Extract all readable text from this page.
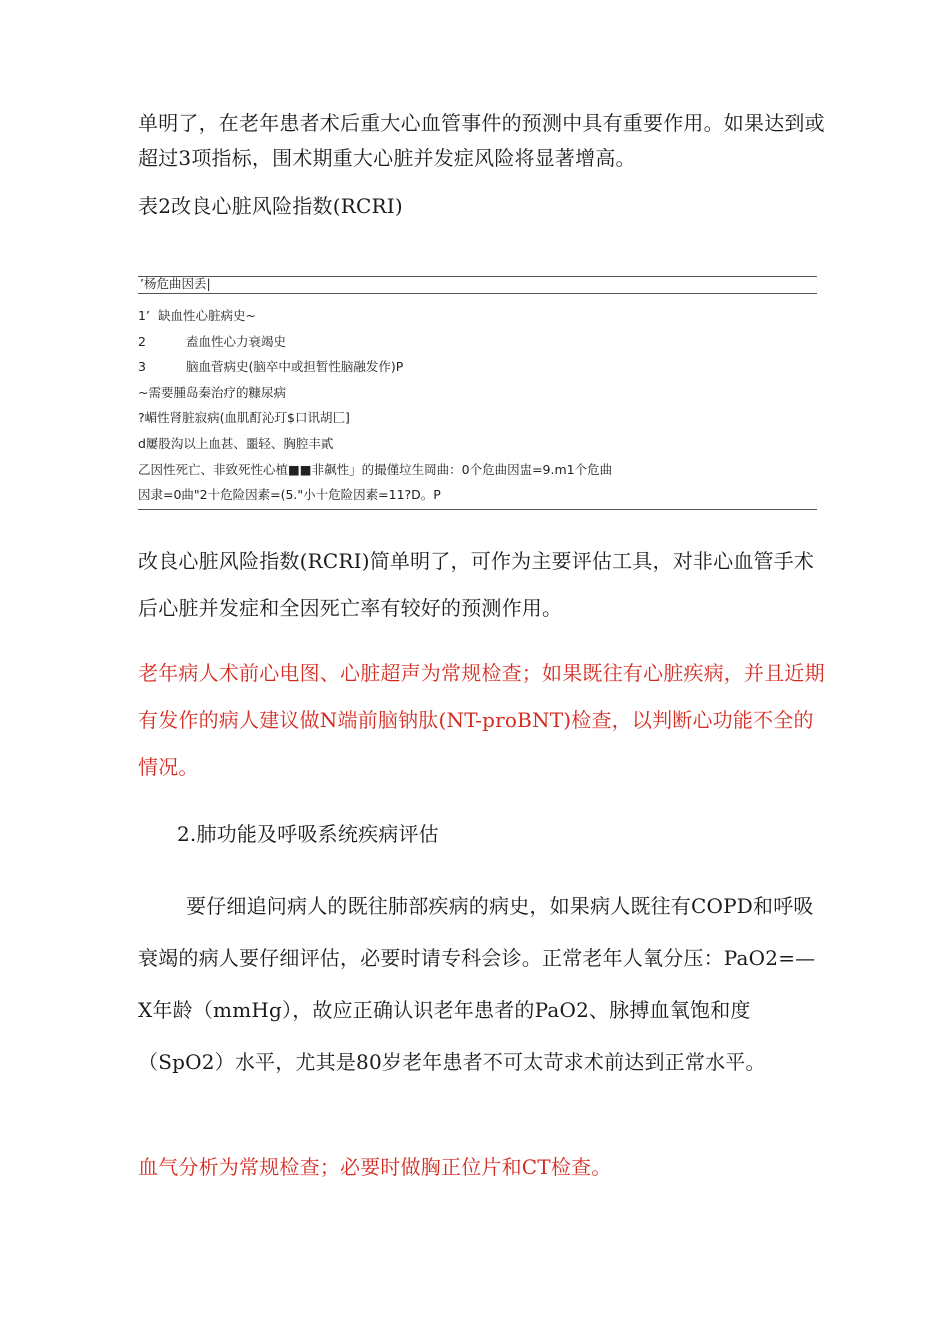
单明了，在老年患者术后重大心血管事件的预测中具有重要作用。如果达到或超过3项指标，围术期重大心脏并发症风险将显著增高。

表2改良心脏风险指数(RCRI)

’杨危曲因丢|
1’ 缺血性心脏病史~
2	盍血性心力衰竭史
3	脑血菅病史(脑卒中或担暂性脑融发作)P
~需要腫岛秦治疗的糠尿病
?嵋性肾脏寂病(血肌酊沁玎$口讯胡匚]
d屢股沟以上血甚、噩轻、胸腔丰貳
乙因性死亡、非致死性心植■■非飙性」的撮僅垃生岡曲：0个危曲因盅=9.m1个危曲
因隶=0曲"2十危险因素=(5."小十危险因素=11?D。P

改良心脏风险指数(RCRI)简单明了，可作为主要评估工具，对非心血管手术后心脏并发症和全因死亡率有较好的预测作用。

老年病人术前心电图、心脏超声为常规检查；如果既往有心脏疾病，并且近期有发作的病人建议做N端前脑钠肽(NT-proBNT)检查，以判断心功能不全的情况。

2.肺功能及呼吸系统疾病评估

要仔细追问病人的既往肺部疾病的病史，如果病人既往有COPD和呼吸衰竭的病人要仔细评估，必要时请专科会诊。正常老年人氧分压：PaO2=—X年龄（mmHg），故应正确认识老年患者的PaO2、脉搏血氧饱和度（SpO2）水平，尤其是80岁老年患者不可太苛求术前达到正常水平。

血气分析为常规检查；必要时做胸正位片和CT检查。
